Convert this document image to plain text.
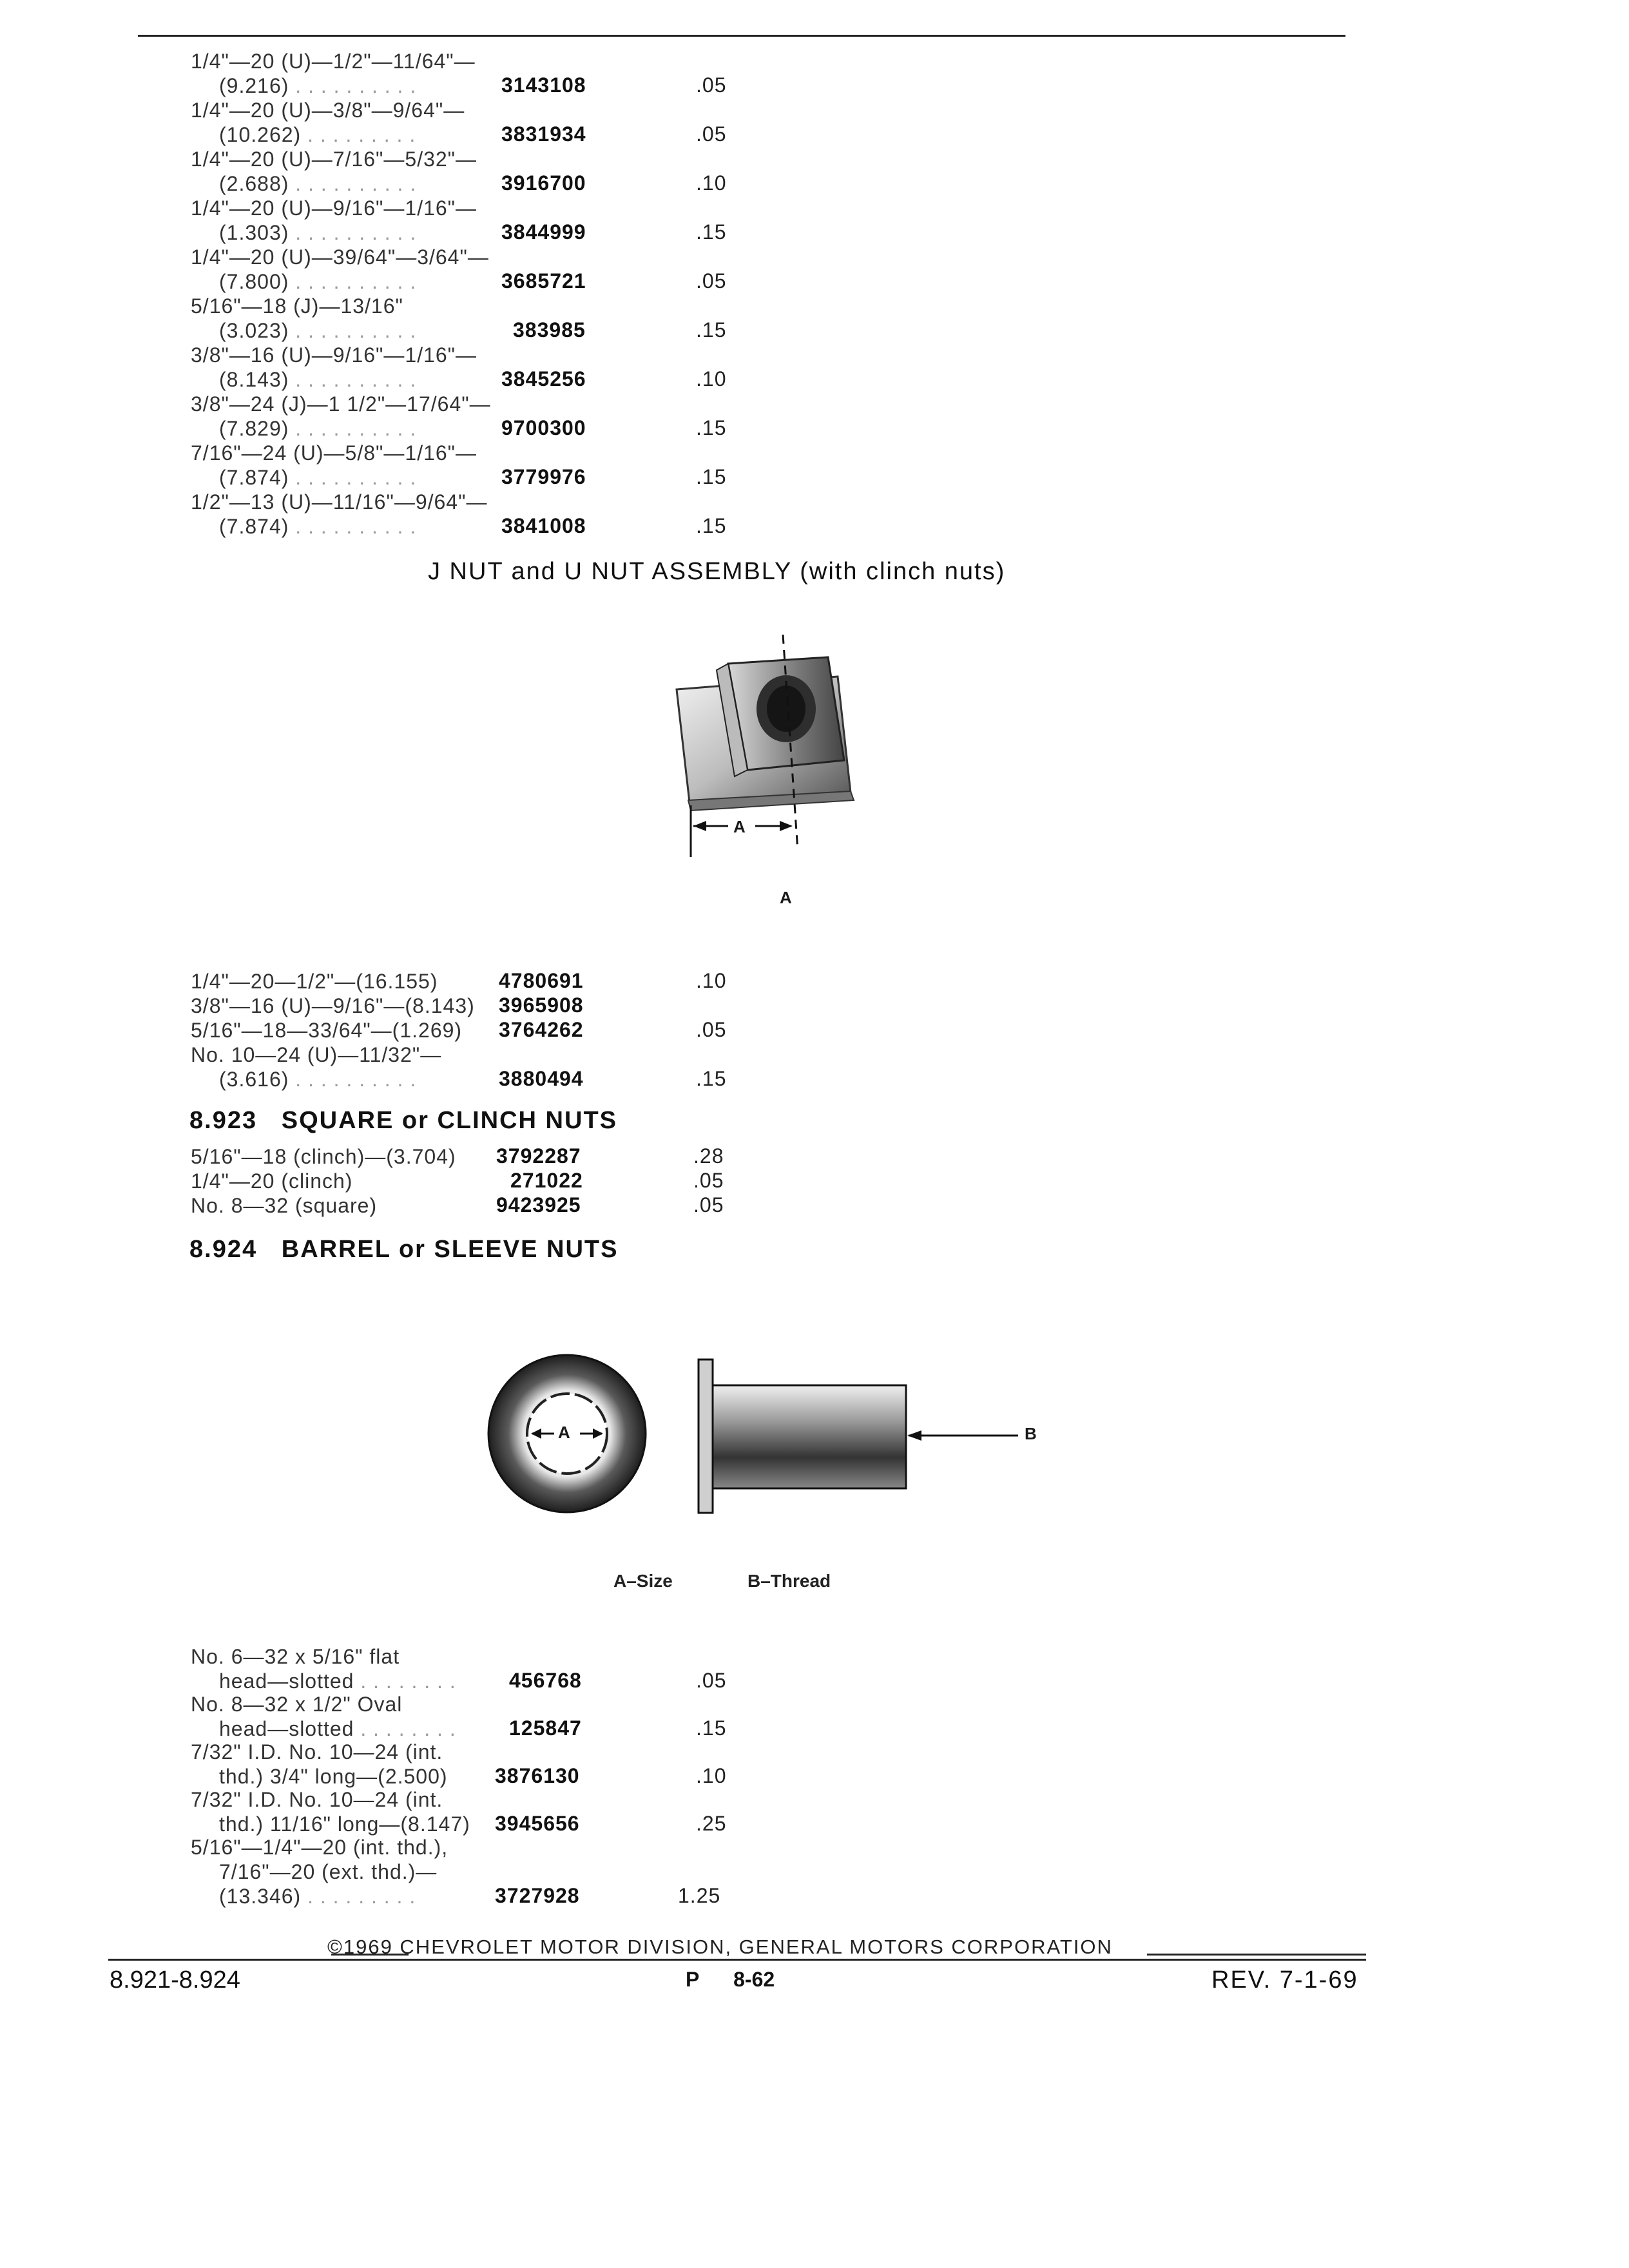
1/4"—20 (U)—1/2"—11/64"—
(9.216) . . . . . . . . . .	3143108	.05
1/4"—20 (U)—3/8"—9/64"—
(10.262) . . . . . . . . .	3831934	.05
1/4"—20 (U)—7/16"—5/32"—
(2.688) . . . . . . . . . .	3916700	.10
1/4"—20 (U)—9/16"—1/16"—
(1.303) . . . . . . . . . .	3844999	.15
1/4"—20 (U)—39/64"—3/64"—
(7.800) . . . . . . . . . .	3685721	.05
5/16"—18 (J)—13/16"
(3.023) . . . . . . . . . .	383985	.15
3/8"—16 (U)—9/16"—1/16"—
(8.143) . . . . . . . . . .	3845256	.10
3/8"—24 (J)—1 1/2"—17/64"—
(7.829) . . . . . . . . . .	9700300	.15
7/16"—24 (U)—5/8"—1/16"—
(7.874) . . . . . . . . . .	3779976	.15
1/2"—13 (U)—11/16"—9/64"—
(7.874) . . . . . . . . . .	3841008	.15
J NUT and U NUT ASSEMBLY (with clinch nuts)
A
A
1/4"—20—1/2"—(16.155)	4780691	.10
3/8"—16 (U)—9/16"—(8.143)	3965908
5/16"—18—33/64"—(1.269)	3764262	.05
No. 10—24 (U)—11/32"—
(3.616) . . . . . . . . . .	3880494	.15
8.923   SQUARE or CLINCH NUTS
5/16"—18 (clinch)—(3.704)	3792287	.28
1/4"—20 (clinch)	271022	.05
No. 8—32 (square)	9423925	.05
8.924   BARREL or SLEEVE NUTS
A	B
A–Size	B–Thread
No. 6—32 x 5/16" flat
head—slotted . . . . . . . .	456768	.05
No. 8—32 x 1/2" Oval
head—slotted . . . . . . . .	125847	.15
7/32" I.D. No. 10—24 (int.
thd.) 3/4" long—(2.500) 3876130	.10
7/32" I.D. No. 10—24 (int.
thd.) 11/16" long—(8.147) 3945656	.25
5/16"—1/4"—20 (int. thd.),
7/16"—20 (ext. thd.)—
(13.346) . . . . . . . . .	3727928	1.25
©1969 CHEVROLET MOTOR DIVISION, GENERAL MOTORS CORPORATION
8.921-8.924	P      8-62	REV. 7-1-69
